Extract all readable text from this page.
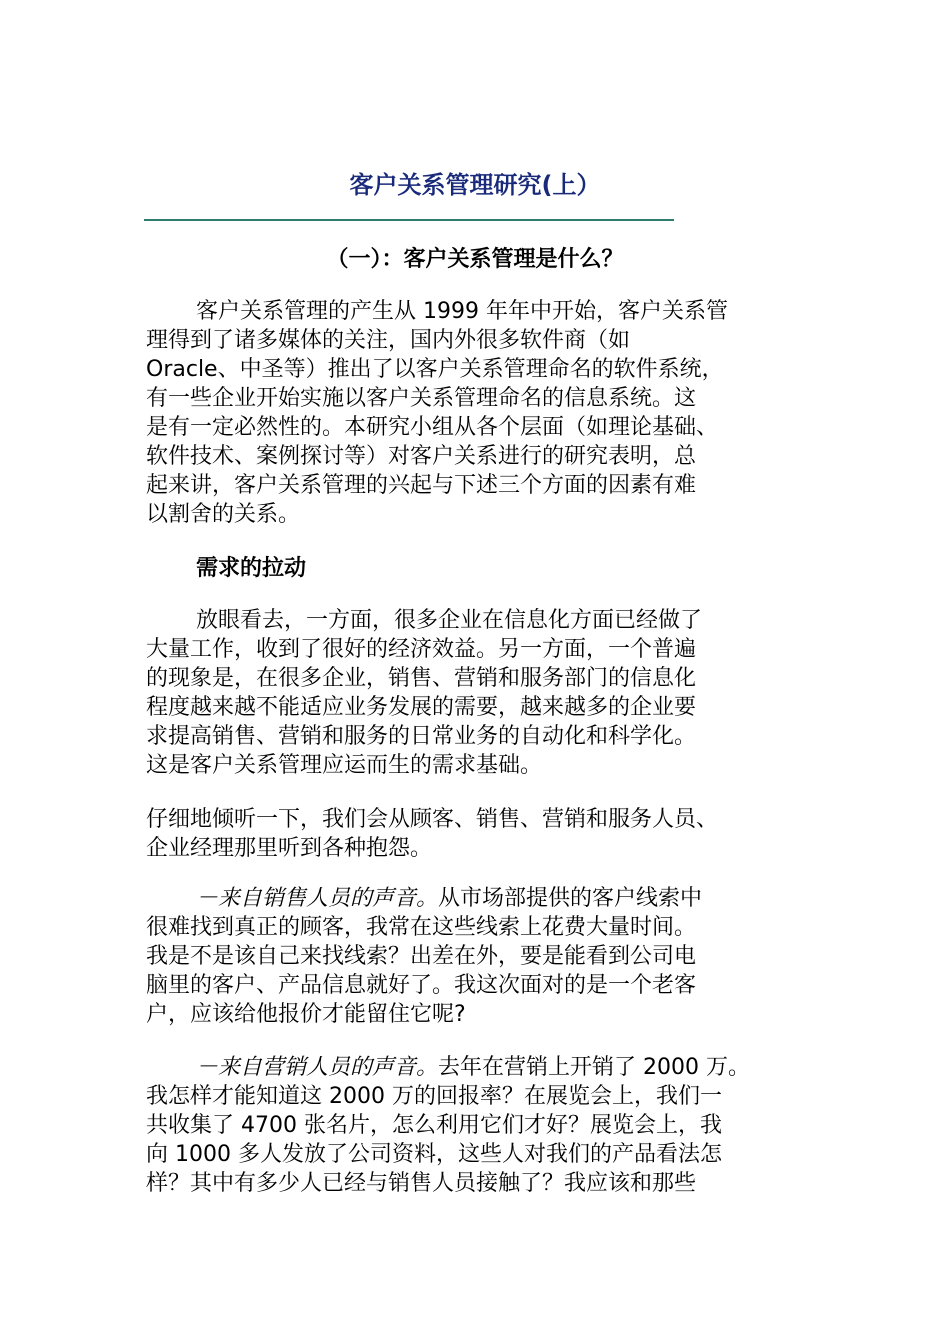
客户关系管理研究(上）
（一）：客户关系管理是什么？
客户关系管理的产生从 1999 年年中开始，客户关系管
理得到了诸多媒体的关注，国内外很多软件商（如
Oracle、中圣等）推出了以客户关系管理命名的软件系统，
有一些企业开始实施以客户关系管理命名的信息系统。这
是有一定必然性的。本研究小组从各个层面（如理论基础、
软件技术、案例探讨等）对客户关系进行的研究表明，总
起来讲，客户关系管理的兴起与下述三个方面的因素有难
以割舍的关系。
需求的拉动
放眼看去，一方面，很多企业在信息化方面已经做了
大量工作，收到了很好的经济效益。另一方面，一个普遍
的现象是，在很多企业，销售、营销和服务部门的信息化
程度越来越不能适应业务发展的需要，越来越多的企业要
求提高销售、营销和服务的日常业务的自动化和科学化。
这是客户关系管理应运而生的需求基础。
仔细地倾听一下，我们会从顾客、销售、营销和服务人员、
企业经理那里听到各种抱怨。
－来自销售人员的声音。从市场部提供的客户线索中
很难找到真正的顾客，我常在这些线索上花费大量时间。
我是不是该自己来找线索？出差在外，要是能看到公司电
脑里的客户、产品信息就好了。我这次面对的是一个老客
户，应该给他报价才能留住它呢?
－来自营销人员的声音。去年在营销上开销了 2000 万。
我怎样才能知道这 2000 万的回报率？在展览会上，我们一
共收集了 4700 张名片，怎么利用它们才好？展览会上，我
向 1000 多人发放了公司资料，这些人对我们的产品看法怎
样？其中有多少人已经与销售人员接触了？我应该和那些
